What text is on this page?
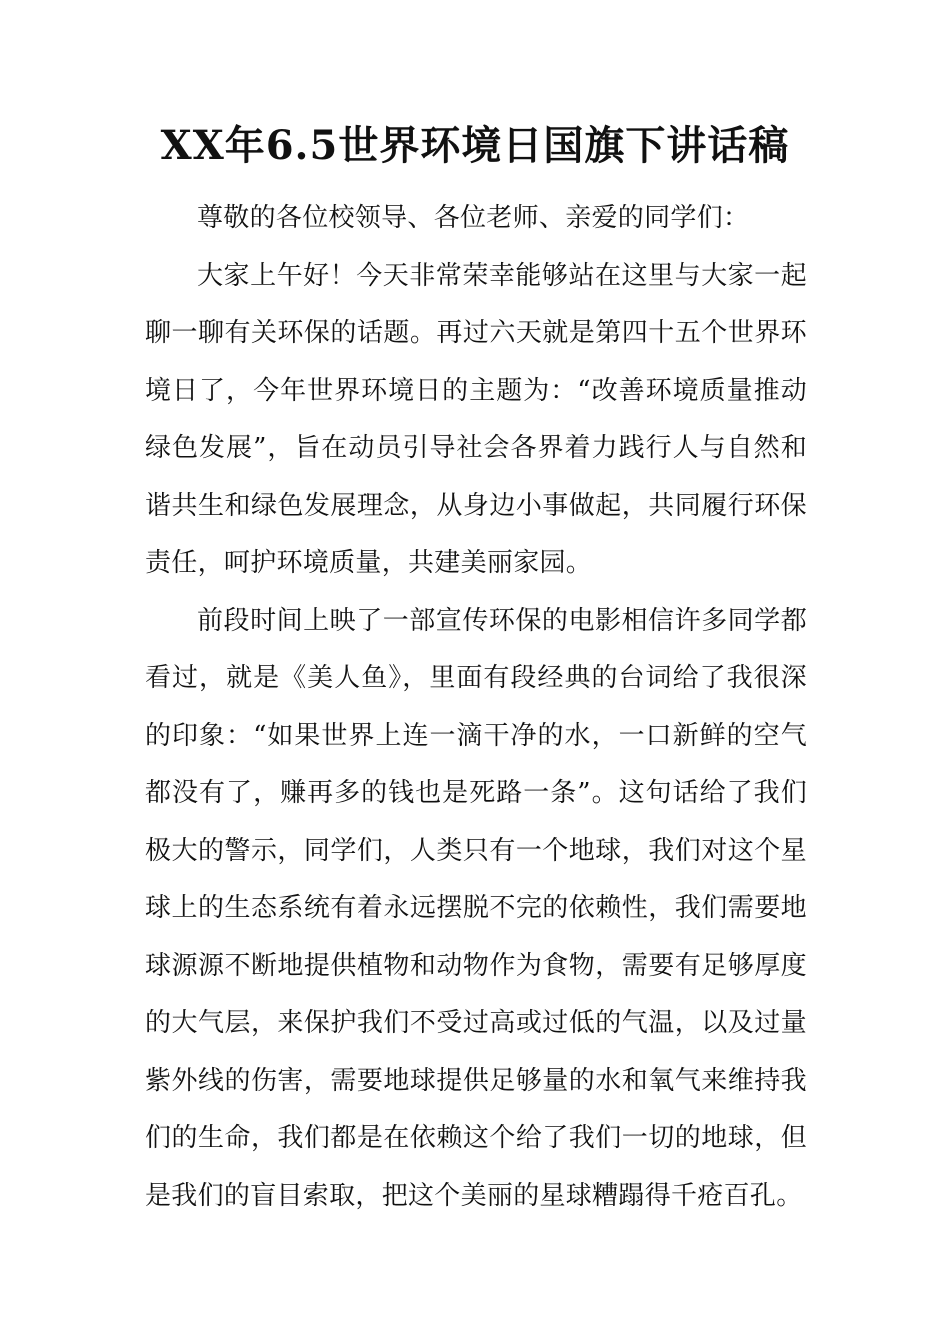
XX年6.5世界环境日国旗下讲话稿

尊敬的各位校领导、各位老师、亲爱的同学们：

大家上午好！今天非常荣幸能够站在这里与大家一起聊一聊有关环保的话题。再过六天就是第四十五个世界环境日了，今年世界环境日的主题为：“改善环境质量推动绿色发展”，旨在动员引导社会各界着力践行人与自然和谐共生和绿色发展理念，从身边小事做起，共同履行环保责任，呵护环境质量，共建美丽家园。

前段时间上映了一部宣传环保的电影相信许多同学都看过，就是《美人鱼》，里面有段经典的台词给了我很深的印象：“如果世界上连一滴干净的水，一口新鲜的空气都没有了，赚再多的钱也是死路一条”。这句话给了我们极大的警示，同学们，人类只有一个地球，我们对这个星球上的生态系统有着永远摆脱不完的依赖性，我们需要地球源源不断地提供植物和动物作为食物，需要有足够厚度的大气层，来保护我们不受过高或过低的气温，以及过量紫外线的伤害，需要地球提供足够量的水和氧气来维持我们的生命，我们都是在依赖这个给了我们一切的地球，但是我们的盲目索取，把这个美丽的星球糟蹋得千疮百孔。
